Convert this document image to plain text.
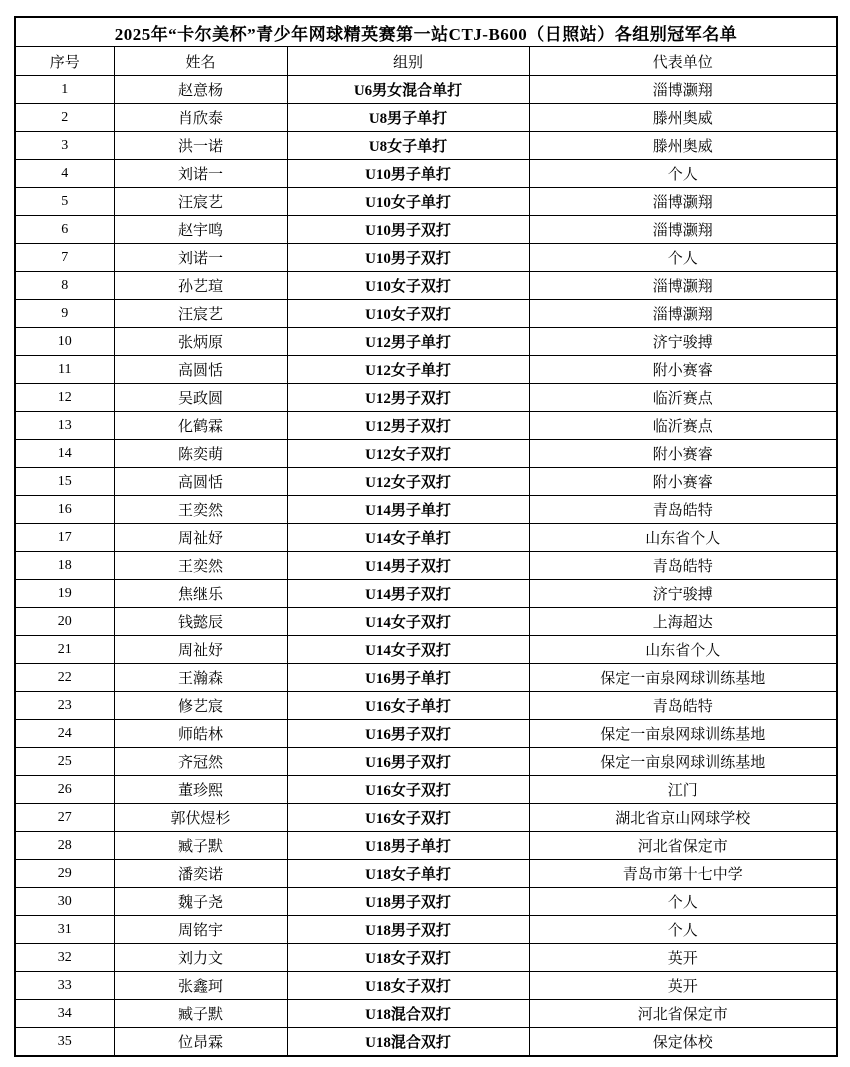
2025年“卡尔美杯”青少年网球精英赛第一站CTJ-B600（日照站）各组别冠军名单			
序号	姓名	组别	代表单位
1	赵意杨	U6男女混合单打	淄博灏翔
2	肖欣泰	U8男子单打	滕州奥威
3	洪一诺	U8女子单打	滕州奥威
4	刘诺一	U10男子单打	个人
5	汪宸艺	U10女子单打	淄博灏翔
6	赵宇鸣	U10男子双打	淄博灏翔
7	刘诺一	U10男子双打	个人
8	孙艺瑄	U10女子双打	淄博灏翔
9	汪宸艺	U10女子双打	淄博灏翔
10	张炳原	U12男子单打	济宁骏搏
11	高圆恬	U12女子单打	附小赛睿
12	吴政圆	U12男子双打	临沂赛点
13	化鹤霖	U12男子双打	临沂赛点
14	陈奕萌	U12女子双打	附小赛睿
15	高圆恬	U12女子双打	附小赛睿
16	王奕然	U14男子单打	青岛皓特
17	周祉妤	U14女子单打	山东省个人
18	王奕然	U14男子双打	青岛皓特
19	焦继乐	U14男子双打	济宁骏搏
20	钱懿辰	U14女子双打	上海超达
21	周祉妤	U14女子双打	山东省个人
22	王瀚森	U16男子单打	保定一亩泉网球训练基地
23	修艺宸	U16女子单打	青岛皓特
24	师皓林	U16男子双打	保定一亩泉网球训练基地
25	齐冠然	U16男子双打	保定一亩泉网球训练基地
26	董珍熙	U16女子双打	江门
27	郭伏煜杉	U16女子双打	湖北省京山网球学校
28	臧子默	U18男子单打	河北省保定市
29	潘奕诺	U18女子单打	青岛市第十七中学
30	魏子尧	U18男子双打	个人
31	周铭宇	U18男子双打	个人
32	刘力文	U18女子双打	英开
33	张鑫珂	U18女子双打	英开
34	臧子默	U18混合双打	河北省保定市
35	位昂霖	U18混合双打	保定体校
